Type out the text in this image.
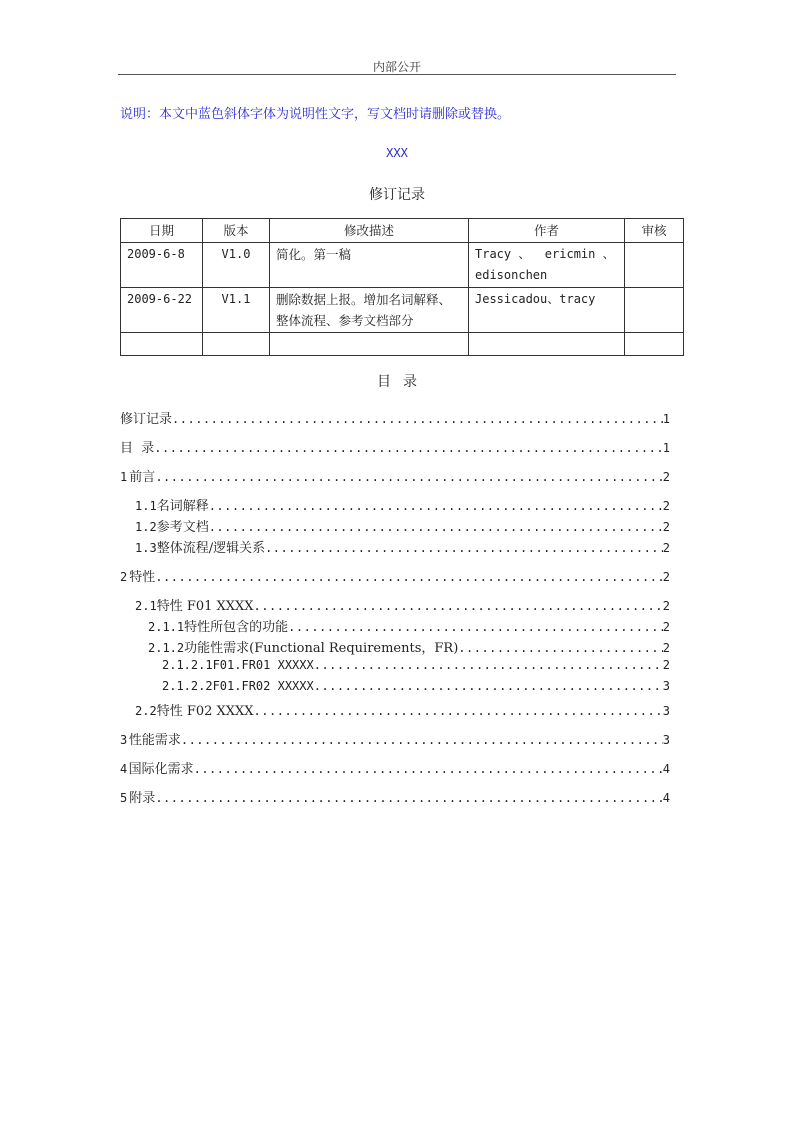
内部公开
说明：本文中蓝色斜体字体为说明性文字，写文档时请删除或替换。
XXX
修订记录
日期	版本	修改描述	作者	审核
2009-6-8	V1.0	简化。第一稿	Tracy 、  ericmin 、
edisonchen	

2009-6-22	V1.1	删除数据上报。增加名词解释、
整体流程、参考文档部分	Jessicadou、tracy	

目录
修订记录 .....	1
目  录 .....	1
1 前言 .....	2
1.1 名词解释 .....	2
1.2 参考文档 .....	2
1.3 整体流程/逻辑关系 .....	2
2 特性 .....	2
2.1 特性 F01 XXXX .....	2
2.1.1 特性所包含的功能 .....	2
2.1.2 功能性需求(Functional Requirements，FR) .....	2
2.1.2.1 F01.FR01 XXXXX .....	2
2.1.2.2 F01.FR02 XXXXX .....	3
2.2 特性 F02 XXXX .....	3
3 性能需求 .....	3
4 国际化需求 .....	4
5 附录 .....	4
